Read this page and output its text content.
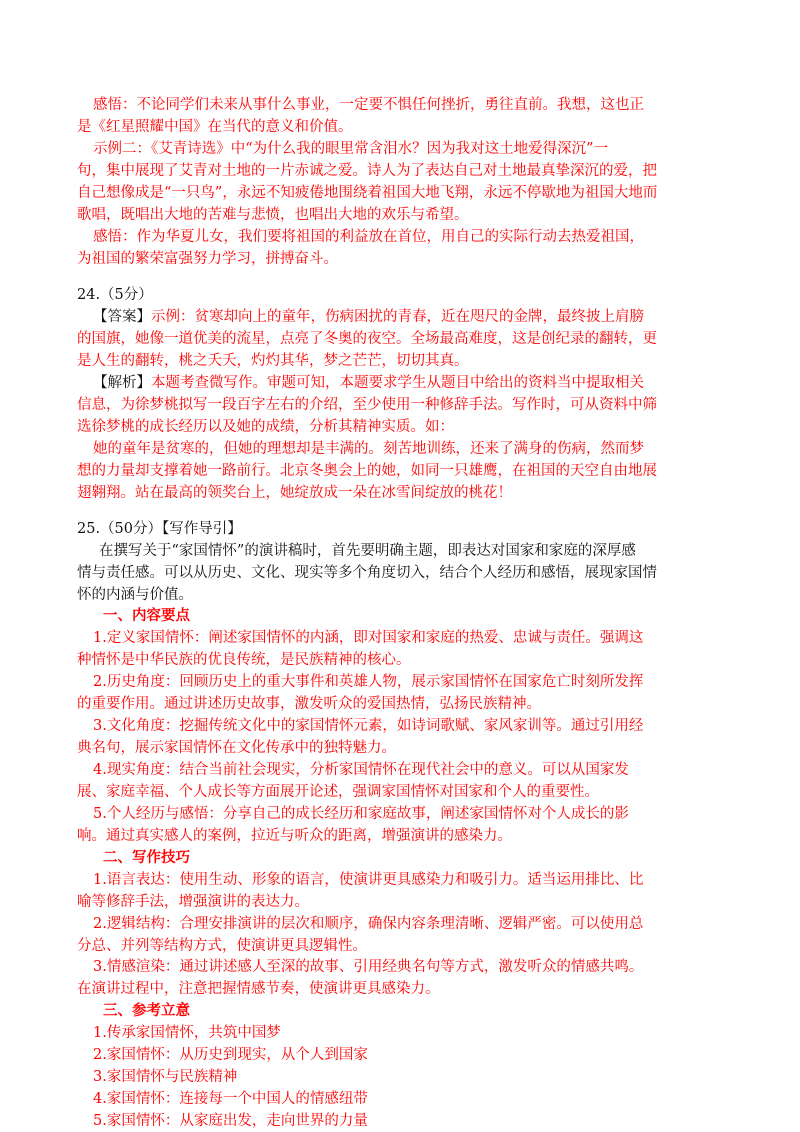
感悟：不论同学们未来从事什么事业，一定要不惧任何挫折，勇往直前。我想，这也正
是《红星照耀中国》在当代的意义和价值。
示例二：《艾青诗选》中“为什么我的眼里常含泪水？因为我对这土地爱得深沉”一
句，集中展现了艾青对土地的一片赤诚之爱。诗人为了表达自己对土地最真挚深沉的爱，把
自己想像成是“一只鸟”，永远不知疲倦地围绕着祖国大地飞翔，永远不停歇地为祖国大地而
歌唱，既唱出大地的苦难与悲愤，也唱出大地的欢乐与希望。
感悟：作为华夏儿女，我们要将祖国的利益放在首位，用自己的实际行动去热爱祖国，
为祖国的繁荣富强努力学习，拼搏奋斗。
24.（5分）
【答案】示例：贫寒却向上的童年，伤病困扰的青春，近在咫尺的金牌，最终披上肩膀
的国旗，她像一道优美的流星，点亮了冬奥的夜空。全场最高难度，这是创纪录的翻转，更
是人生的翻转，桃之夭夭，灼灼其华，梦之芒芒，切切其真。
【解析】本题考查微写作。审题可知，本题要求学生从题目中给出的资料当中提取相关
信息，为徐梦桃拟写一段百字左右的介绍，至少使用一种修辞手法。写作时，可从资料中筛
选徐梦桃的成长经历以及她的成绩，分析其精神实质。如：
她的童年是贫寒的，但她的理想却是丰满的。刻苦地训练，还来了满身的伤病，然而梦
想的力量却支撑着她一路前行。北京冬奥会上的她，如同一只雄鹰，在祖国的天空自由地展
翅翱翔。站在最高的领奖台上，她绽放成一朵在冰雪间绽放的桃花！
25.（50分）【写作导引】
在撰写关于“家国情怀”的演讲稿时，首先要明确主题，即表达对国家和家庭的深厚感
情与责任感。可以从历史、文化、现实等多个角度切入，结合个人经历和感悟，展现家国情
怀的内涵与价值。
一、内容要点
1.定义家国情怀：阐述家国情怀的内涵，即对国家和家庭的热爱、忠诚与责任。强调这
种情怀是中华民族的优良传统，是民族精神的核心。
2.历史角度：回顾历史上的重大事件和英雄人物，展示家国情怀在国家危亡时刻所发挥
的重要作用。通过讲述历史故事，激发听众的爱国热情，弘扬民族精神。
3.文化角度：挖掘传统文化中的家国情怀元素，如诗词歌赋、家风家训等。通过引用经
典名句，展示家国情怀在文化传承中的独特魅力。
4.现实角度：结合当前社会现实，分析家国情怀在现代社会中的意义。可以从国家发
展、家庭幸福、个人成长等方面展开论述，强调家国情怀对国家和个人的重要性。
5.个人经历与感悟：分享自己的成长经历和家庭故事，阐述家国情怀对个人成长的影
响。通过真实感人的案例，拉近与听众的距离，增强演讲的感染力。
二、写作技巧
1.语言表达：使用生动、形象的语言，使演讲更具感染力和吸引力。适当运用排比、比
喻等修辞手法，增强演讲的表达力。
2.逻辑结构：合理安排演讲的层次和顺序，确保内容条理清晰、逻辑严密。可以使用总
分总、并列等结构方式，使演讲更具逻辑性。
3.情感渲染：通过讲述感人至深的故事、引用经典名句等方式，激发听众的情感共鸣。
在演讲过程中，注意把握情感节奏，使演讲更具感染力。
三、参考立意
1.传承家国情怀，共筑中国梦
2.家国情怀：从历史到现实，从个人到国家
3.家国情怀与民族精神
4.家国情怀：连接每一个中国人的情感纽带
5.家国情怀：从家庭出发，走向世界的力量
